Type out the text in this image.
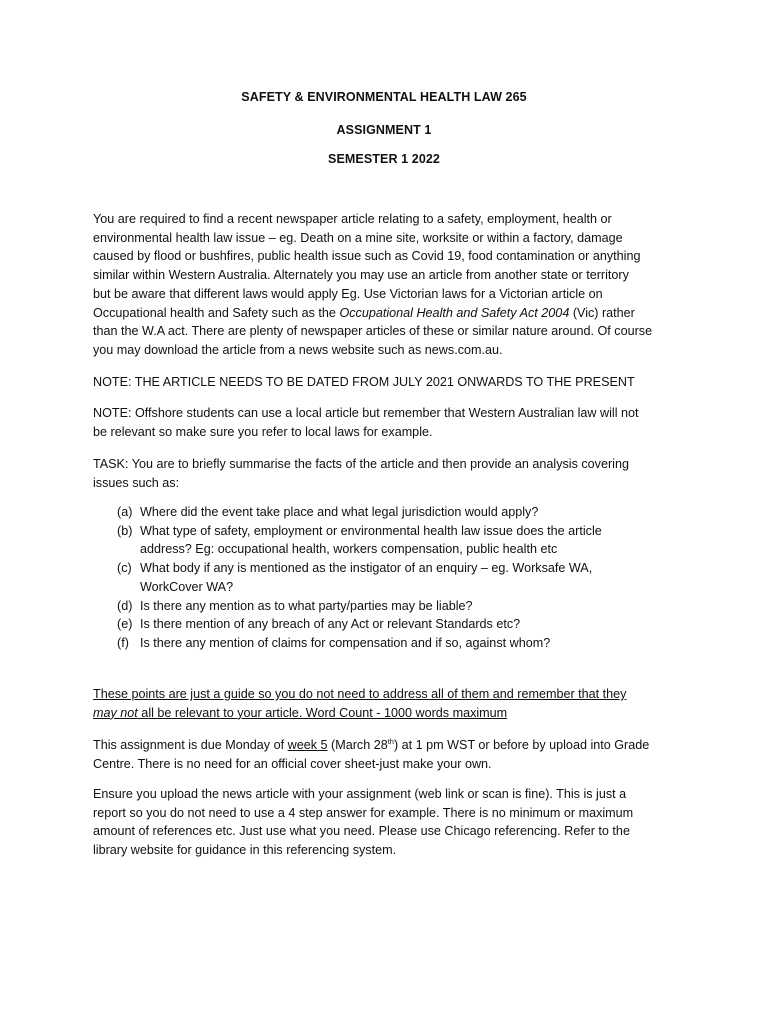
SAFETY & ENVIRONMENTAL HEALTH LAW 265
ASSIGNMENT 1
SEMESTER 1 2022
You are required to find a recent newspaper article relating to a safety, employment, health or
environmental health law issue – eg. Death on a mine site, worksite or within a factory, damage
caused by flood or bushfires, public health issue such as Covid 19, food contamination or anything
similar within Western Australia. Alternately you may use an article from another state or territory
but be aware that different laws would apply Eg. Use Victorian laws for a Victorian article on
Occupational health and Safety such as the Occupational Health and Safety Act 2004 (Vic) rather
than the W.A act. There are plenty of newspaper articles of these or similar nature around. Of course
you may download the article from a news website such as news.com.au.
NOTE: THE ARTICLE NEEDS TO BE DATED FROM JULY 2021 ONWARDS TO THE PRESENT
NOTE: Offshore students can use a local article but remember that Western Australian law will not
be relevant so make sure you refer to local laws for example.
TASK: You are to briefly summarise the facts of the article and then provide an analysis covering
issues such as:
(a) Where did the event take place and what legal jurisdiction would apply?
(b) What type of safety, employment or environmental health law issue does the article
address? Eg: occupational health, workers compensation, public health etc
(c) What body if any is mentioned as the instigator of an enquiry – eg. Worksafe WA,
WorkCover WA?
(d) Is there any mention as to what party/parties may be liable?
(e) Is there mention of any breach of any Act or relevant Standards etc?
(f) Is there any mention of claims for compensation and if so, against whom?
These points are just a guide so you do not need to address all of them and remember that they
may not all be relevant to your article. Word Count - 1000 words maximum
This assignment is due Monday of week 5 (March 28th) at 1 pm WST or before by upload into Grade
Centre. There is no need for an official cover sheet-just make your own.
Ensure you upload the news article with your assignment (web link or scan is fine). This is just a
report so you do not need to use a 4 step answer for example. There is no minimum or maximum
amount of references etc. Just use what you need. Please use Chicago referencing. Refer to the
library website for guidance in this referencing system.
